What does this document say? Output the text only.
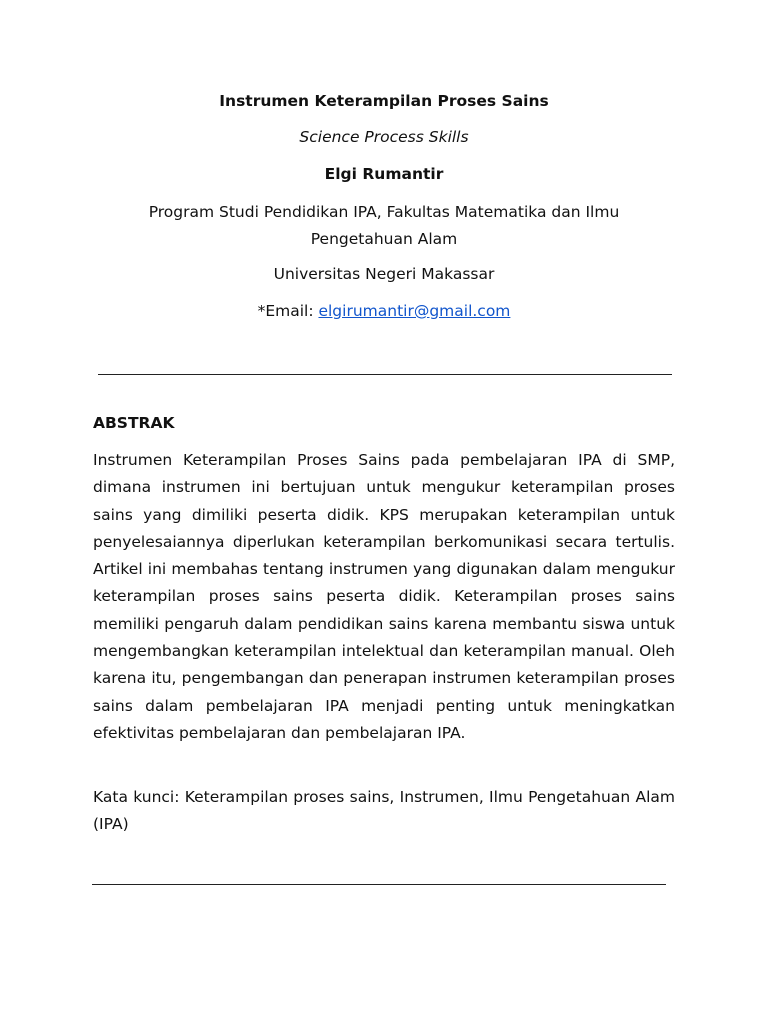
Instrumen Keterampilan Proses Sains
Science Process Skills
Elgi Rumantir
Program Studi Pendidikan IPA, Fakultas Matematika dan Ilmu Pengetahuan Alam
Universitas Negeri Makassar
*Email: elgirumantir@gmail.com
ABSTRAK

Instrumen Keterampilan Proses Sains pada pembelajaran IPA di SMP, dimana instrumen ini bertujuan untuk mengukur keterampilan proses sains yang dimiliki peserta didik. KPS merupakan keterampilan untuk penyelesaiannya diperlukan keterampilan berkomunikasi secara tertulis. Artikel ini membahas tentang instrumen yang digunakan dalam mengukur keterampilan proses sains peserta didik. Keterampilan proses sains memiliki pengaruh dalam pendidikan sains karena membantu siswa untuk mengembangkan keterampilan intelektual dan keterampilan manual. Oleh karena itu, pengembangan dan penerapan instrumen keterampilan proses sains dalam pembelajaran IPA menjadi penting untuk meningkatkan efektivitas pembelajaran dan pembelajaran IPA.

Kata kunci: Keterampilan proses sains, Instrumen, Ilmu Pengetahuan Alam (IPA)
